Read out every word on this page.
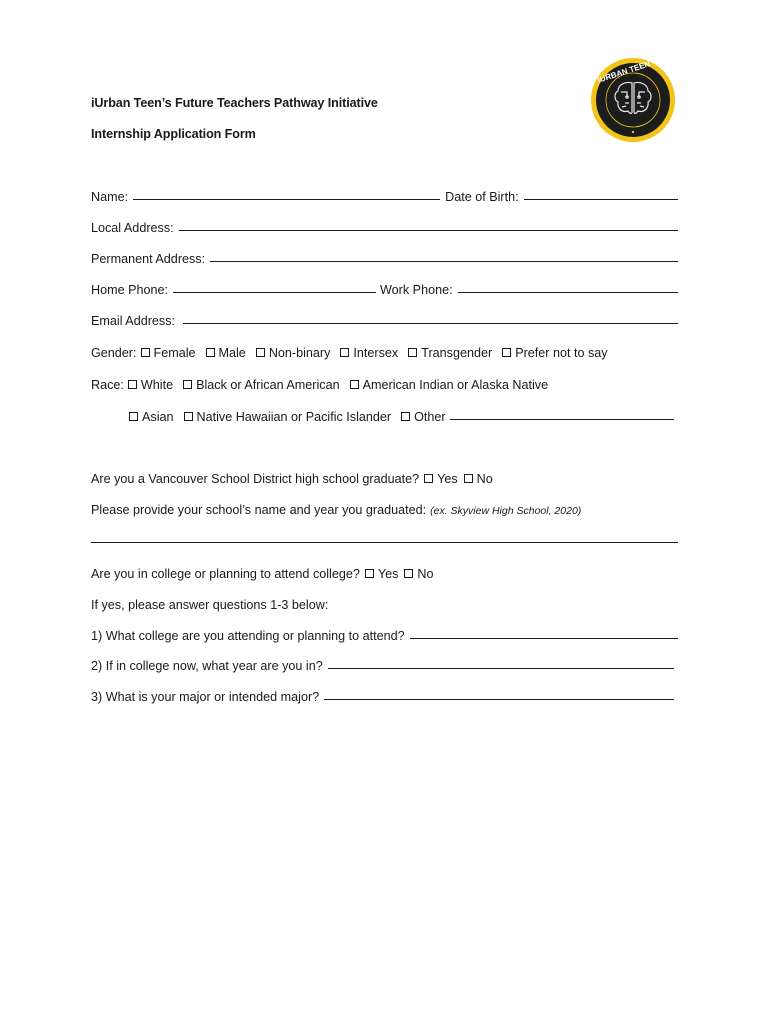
iUrban Teen’s Future Teachers Pathway Initiative
Internship Application Form
iURBAN TEEN
Name:	Date of Birth:
Local Address:
Permanent Address:
Home Phone:	Work Phone:
Email Address:
Gender:	Female	Male	Non-binary	Intersex	Transgender	Prefer not to say
Race:	White	Black or African American	American Indian or Alaska Native
Asian	Native Hawaiian or Pacific Islander	Other
Are you a Vancouver School District high school graduate?	Yes	No
Please provide your school’s name and year you graduated: (ex. Skyview High School, 2020)
Are you in college or planning to attend college?	Yes	No
If yes, please answer questions 1-3 below:
1) What college are you attending or planning to attend?
2) If in college now, what year are you in?
3) What is your major or intended major?
